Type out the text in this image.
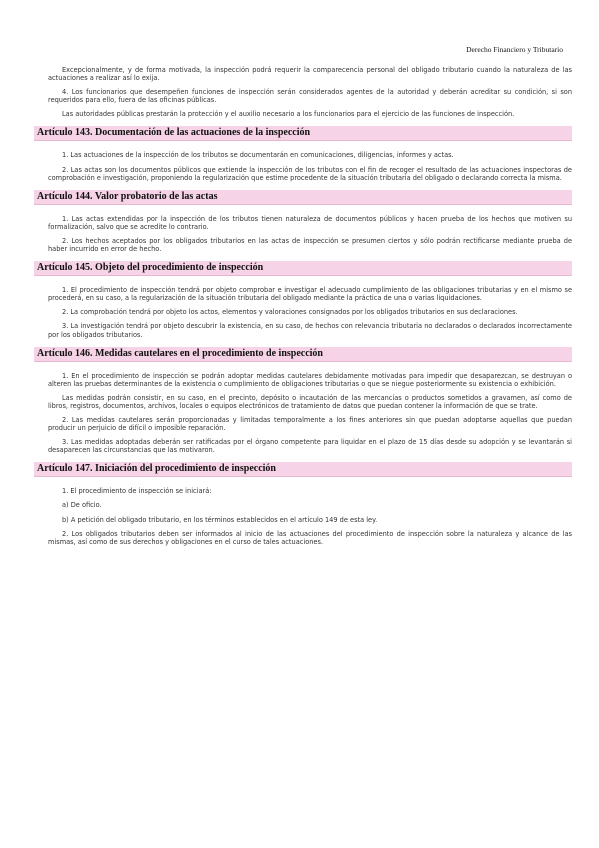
Derecho Financiero y Tributario

Excepcionalmente, y de forma motivada, la inspección podrá requerir la comparecencia personal del obligado tributario cuando la naturaleza de las actuaciones a realizar así lo exija.

4. Los funcionarios que desempeñen funciones de inspección serán considerados agentes de la autoridad y deberán acreditar su condición, si son requeridos para ello, fuera de las oficinas públicas.

Las autoridades públicas prestarán la protección y el auxilio necesario a los funcionarios para el ejercicio de las funciones de inspección.

Artículo 143. Documentación de las actuaciones de la inspección

1. Las actuaciones de la inspección de los tributos se documentarán en comunicaciones, diligencias, informes y actas.

2. Las actas son los documentos públicos que extiende la inspección de los tributos con el fin de recoger el resultado de las actuaciones inspectoras de comprobación e investigación, proponiendo la regularización que estime procedente de la situación tributaria del obligado o declarando correcta la misma.

Artículo 144. Valor probatorio de las actas

1. Las actas extendidas por la inspección de los tributos tienen naturaleza de documentos públicos y hacen prueba de los hechos que motiven su formalización, salvo que se acredite lo contrario.

2. Los hechos aceptados por los obligados tributarios en las actas de inspección se presumen ciertos y sólo podrán rectificarse mediante prueba de haber incurrido en error de hecho.

Artículo 145. Objeto del procedimiento de inspección

1. El procedimiento de inspección tendrá por objeto comprobar e investigar el adecuado cumplimiento de las obligaciones tributarias y en el mismo se procederá, en su caso, a la regularización de la situación tributaria del obligado mediante la práctica de una o varias liquidaciones.

2. La comprobación tendrá por objeto los actos, elementos y valoraciones consignados por los obligados tributarios en sus declaraciones.

3. La investigación tendrá por objeto descubrir la existencia, en su caso, de hechos con relevancia tributaria no declarados o declarados incorrectamente por los obligados tributarios.

Artículo 146. Medidas cautelares en el procedimiento de inspección

1. En el procedimiento de inspección se podrán adoptar medidas cautelares debidamente motivadas para impedir que desaparezcan, se destruyan o alteren las pruebas determinantes de la existencia o cumplimiento de obligaciones tributarias o que se niegue posteriormente su existencia o exhibición.

Las medidas podrán consistir, en su caso, en el precinto, depósito o incautación de las mercancías o productos sometidos a gravamen, así como de libros, registros, documentos, archivos, locales o equipos electrónicos de tratamiento de datos que puedan contener la información de que se trate.

2. Las medidas cautelares serán proporcionadas y limitadas temporalmente a los fines anteriores sin que puedan adoptarse aquellas que puedan producir un perjuicio de difícil o imposible reparación.

3. Las medidas adoptadas deberán ser ratificadas por el órgano competente para liquidar en el plazo de 15 días desde su adopción y se levantarán si desaparecen las circunstancias que las motivaron.

Artículo 147. Iniciación del procedimiento de inspección

1. El procedimiento de inspección se iniciará:

a) De oficio.

b) A petición del obligado tributario, en los términos establecidos en el artículo 149 de esta ley.

2. Los obligados tributarios deben ser informados al inicio de las actuaciones del procedimiento de inspección sobre la naturaleza y alcance de las mismas, así como de sus derechos y obligaciones en el curso de tales actuaciones.
